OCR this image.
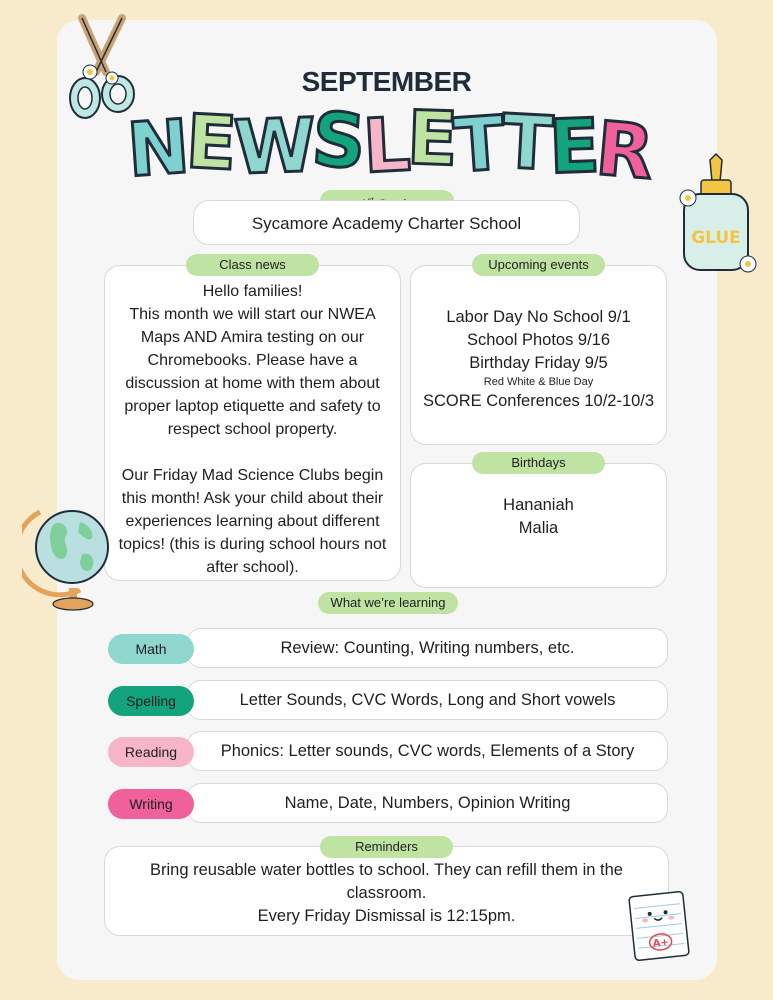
SEPTEMBER
N
E
W
S
L
E
T
T
E
R
GLUE
Sycamore Academy Charter School
Hello families!
This month we will start our NWEA Maps AND Amira testing on our Chromebooks. Please have a discussion at home with them about proper laptop etiquette and safety to respect school property.
Our Friday Mad Science Clubs begin this month! Ask your child about their experiences learning about different topics! (this is during school hours not after school).
Class news
Labor Day No School 9/1
School Photos 9/16
Birthday Friday 9/5
Red White & Blue Day
SCORE Conferences 10/2-10/3
Upcoming events
Hananiah
Malia
Birthdays
What we’re learning
Review: Counting, Writing numbers, etc.
Math
Letter Sounds, CVC Words, Long and Short vowels
Spelling
Phonics: Letter sounds, CVC words, Elements of a Story
Reading
Name, Date, Numbers, Opinion Writing
Writing
Bring reusable water bottles to school. They can refill them in the classroom.
Every Friday Dismissal is 12:15pm.
Reminders
A+
